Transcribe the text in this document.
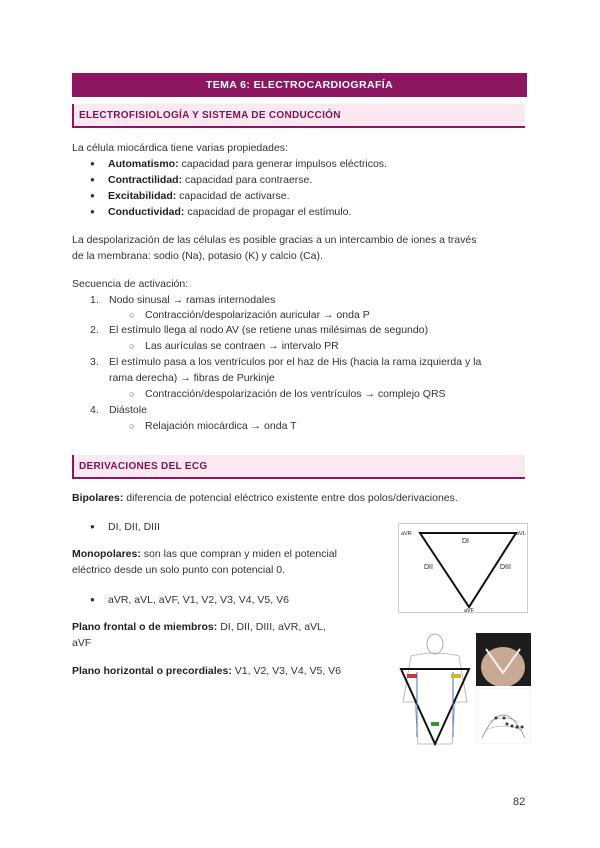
TEMA 6: ELECTROCARDIOGRAFÍA
ELECTROFISIOLOGÍA Y SISTEMA DE CONDUCCIÓN
La célula miocárdica tiene varias propiedades:
● Automatismo: capacidad para generar impulsos eléctricos.
● Contractilidad: capacidad para contraerse.
● Excitabilidad: capacidad de activarse.
● Conductividad: capacidad de propagar el estímulo.
La despolarización de las células es posible gracias a un intercambio de iones a través
de la membrana: sodio (Na), potasio (K) y calcio (Ca).
Secuencia de activación:
1. Nodo sinusal → ramas internodales
○ Contracción/despolarización auricular → onda P
2. El estímulo llega al nodo AV (se retiene unas milésimas de segundo)
○ Las aurículas se contraen → intervalo PR
3. El estímulo pasa a los ventrículos por el haz de His (hacia la rama izquierda y la
rama derecha) → fibras de Purkinje
○ Contracción/despolarización de los ventrículos → complejo QRS
4. Diástole
○ Relajación miocárdica → onda T
DERIVACIONES DEL ECG
Bipolares: diferencia de potencial eléctrico existente entre dos polos/derivaciones.
● DI, DII, DIII
Monopolares: son las que compran y miden el potencial
eléctrico desde un solo punto con potencial 0.
● aVR, aVL, aVF, V1, V2, V3, V4, V5, V6
Plano frontal o de miembros: DI, DII, DIII, aVR, aVL,
aVF
Plano horizontal o precordiales: V1, V2, V3, V4, V5, V6
aVR	aVL
aVF
DI
DII	DIII
82
